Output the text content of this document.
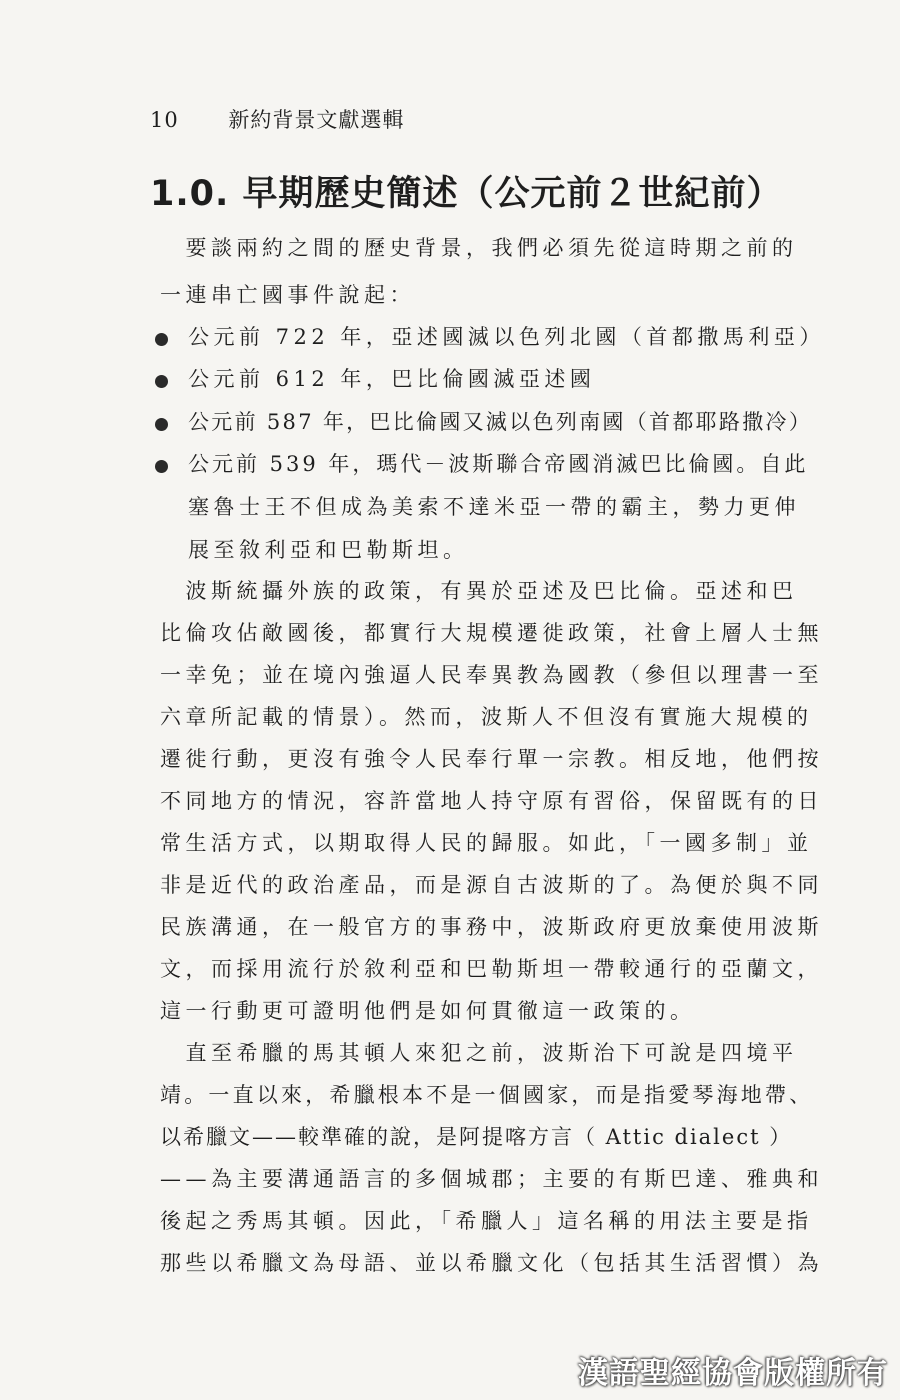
10 新約背景文獻選輯
1.0. 早期歷史簡述（公元前２世紀前）
　要談兩約之間的歷史背景，我們必須先從這時期之前的
一連串亡國事件說起：
公元前 722 年，亞述國滅以色列北國（首都撒馬利亞）
公元前 612 年，巴比倫國滅亞述國
公元前 587 年，巴比倫國又滅以色列南國（首都耶路撒冷）
公元前 539 年，瑪代－波斯聯合帝國消滅巴比倫國。自此
塞魯士王不但成為美索不達米亞一帶的霸主，勢力更伸
展至敘利亞和巴勒斯坦。
　波斯統攝外族的政策，有異於亞述及巴比倫。亞述和巴
比倫攻佔敵國後，都實行大規模遷徙政策，社會上層人士無
一幸免；並在境內強逼人民奉異教為國教（參但以理書一至
六章所記載的情景）。然而，波斯人不但沒有實施大規模的
遷徙行動，更沒有強令人民奉行單一宗教。相反地，他們按
不同地方的情況，容許當地人持守原有習俗，保留既有的日
常生活方式，以期取得人民的歸服。如此，「一國多制」並
非是近代的政治產品，而是源自古波斯的了。為便於與不同
民族溝通，在一般官方的事務中，波斯政府更放棄使用波斯
文，而採用流行於敘利亞和巴勒斯坦一帶較通行的亞蘭文，
這一行動更可證明他們是如何貫徹這一政策的。
　直至希臘的馬其頓人來犯之前，波斯治下可說是四境平
靖。一直以來，希臘根本不是一個國家，而是指愛琴海地帶、
以希臘文——較準確的說，是阿提喀方言（ Attic dialect ）
——為主要溝通語言的多個城郡；主要的有斯巴達、雅典和
後起之秀馬其頓。因此，「希臘人」這名稱的用法主要是指
那些以希臘文為母語、並以希臘文化（包括其生活習慣）為
漢語聖經協會版權所有
